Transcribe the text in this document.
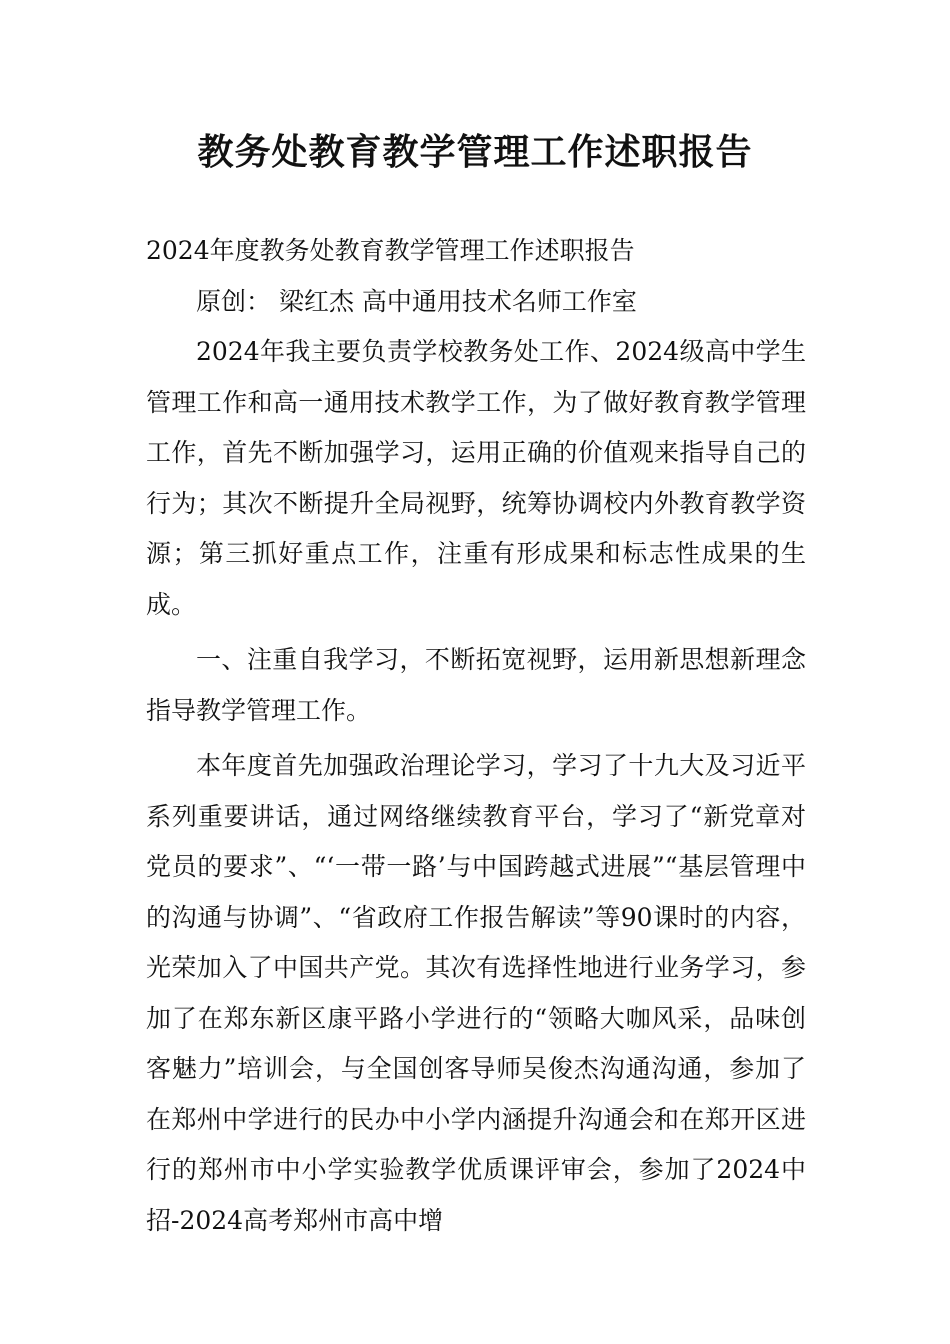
教务处教育教学管理工作述职报告

2024年度教务处教育教学管理工作述职报告

原创： 梁红杰 高中通用技术名师工作室

2024年我主要负责学校教务处工作、2024级高中学生管理工作和高一通用技术教学工作，为了做好教育教学管理工作，首先不断加强学习，运用正确的价值观来指导自己的行为；其次不断提升全局视野，统筹协调校内外教育教学资源；第三抓好重点工作，注重有形成果和标志性成果的生成。

一、注重自我学习，不断拓宽视野，运用新思想新理念指导教学管理工作。

本年度首先加强政治理论学习，学习了十九大及习近平系列重要讲话，通过网络继续教育平台，学习了“新党章对党员的要求”、“‘一带一路’与中国跨越式进展”“基层管理中的沟通与协调”、“省政府工作报告解读”等90课时的内容，光荣加入了中国共产党。其次有选择性地进行业务学习，参加了在郑东新区康平路小学进行的“领略大咖风采，品味创客魅力”培训会，与全国创客导师吴俊杰沟通沟通，参加了在郑州中学进行的民办中小学内涵提升沟通会和在郑开区进行的郑州市中小学实验教学优质课评审会，参加了2024中招-2024高考郑州市高中增
